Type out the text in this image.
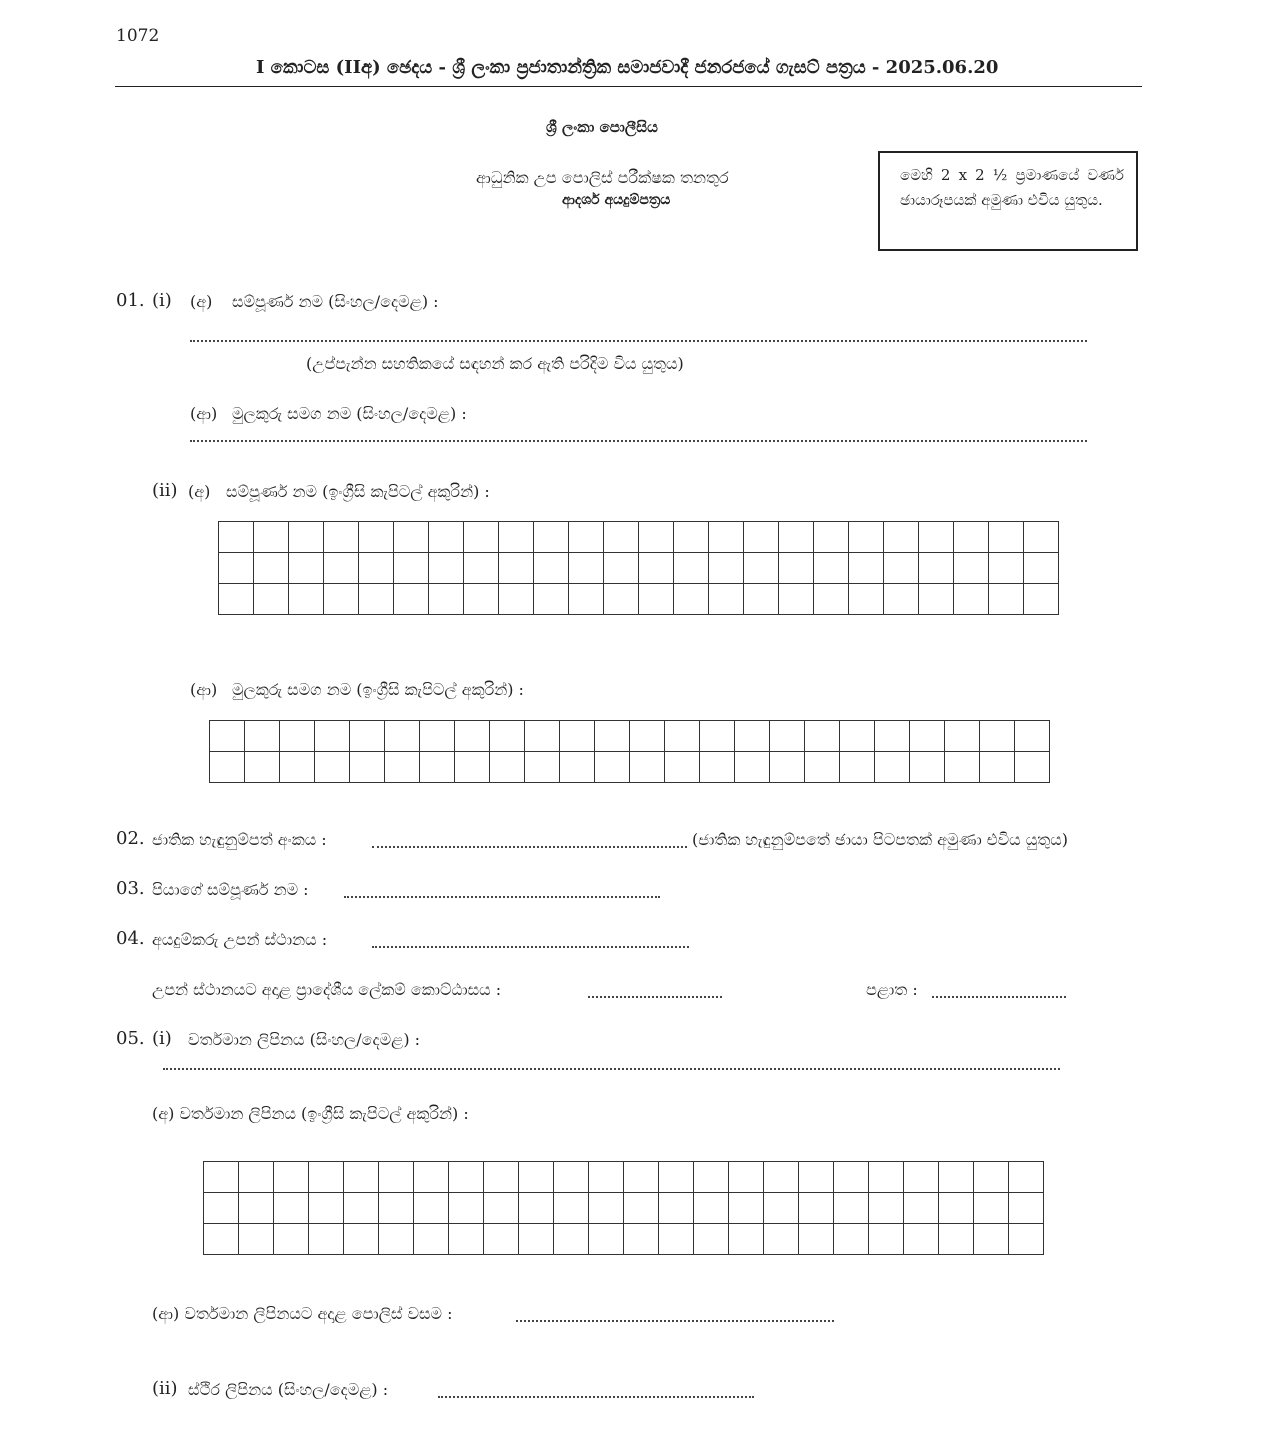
1072
I කොටස (IIඅ) ඡෙදය - ශ්‍රී ලංකා ප්‍රජාතාන්ත්‍රික සමාජවාදී ජනරජයේ ගැසට් පත්‍රය - 2025.06.20
ශ්‍රී ලංකා පොලීසිය
ආධුනික උප පොලිස් පරීක්ෂක තනතුර
ආදර්ශ අයදුම්පත්‍රය
මෙහි 2 x 2 ½ ප්‍රමාණයේ වර්ණ ඡායාරූපයක් අමුණා එවිය යුතුය.
01. (i) (අ) සම්පූර්ණ නම (සිංහල/දෙමළ) :
(උප්පැන්න සහතිකයේ සඳහන් කර ඇති පරිදිම විය යුතුය)
(ආ) මුලකුරු සමග නම (සිංහල/දෙමළ) :
(ii) (අ) සම්පූර්ණ නම (ඉංග්‍රීසි කැපිටල් අකුරින්) :

(ආ) මුලකුරු සමග නම (ඉංග්‍රීසි කැපිටල් අකුරින්) :

02. ජාතික හැඳුනුම්පත් අංකය :	(ජාතික හැඳුනුම්පතේ ඡායා පිටපතක් අමුණා එවිය යුතුය)
03. පියාගේ සම්පූර්ණ නම :
04. අයදුම්කරු උපන් ස්ථානය :
උපන් ස්ථානයට අදාළ ප්‍රාදේශීය ලේකම් කොට්ඨාසය :	පළාත :
05. (i) වර්තමාන ලිපිනය (සිංහල/දෙමළ) :
(අ) වර්තමාන ලිපිනය (ඉංග්‍රීසි කැපිටල් අකුරින්) :

(ආ) වර්තමාන ලිපිනයට අදාළ පොලිස් වසම :
(ii) ස්ථිර ලිපිනය (සිංහල/දෙමළ) :
